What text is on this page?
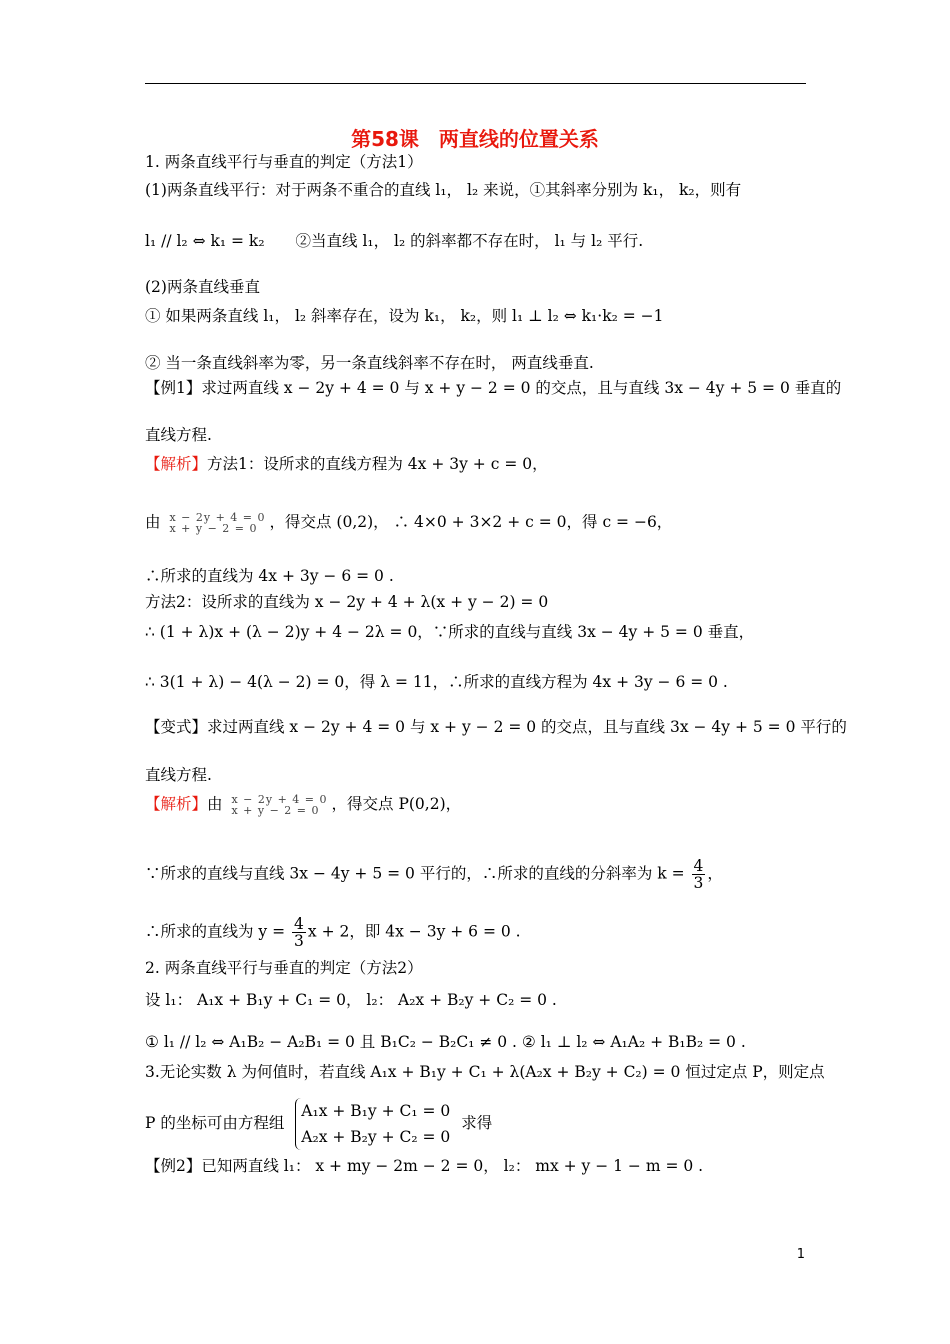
第58课　两直线的位置关系
1. 两条直线平行与垂直的判定（方法1）
(1)两条直线平行：对于两条不重合的直线 l₁， l₂ 来说，①其斜率分别为 k₁， k₂，则有
l₁ // l₂ ⇔ k₁ = k₂　　②当直线 l₁， l₂ 的斜率都不存在时， l₁ 与 l₂ 平行.
(2)两条直线垂直
① 如果两条直线 l₁， l₂ 斜率存在，设为 k₁， k₂，则 l₁ ⊥ l₂ ⇔ k₁·k₂ = −1
② 当一条直线斜率为零，另一条直线斜率不存在时， 两直线垂直.
【例1】求过两直线 x − 2y + 4 = 0 与 x + y − 2 = 0 的交点，且与直线 3x − 4y + 5 = 0 垂直的
直线方程.
【解析】方法1：设所求的直线方程为 4x + 3y + c = 0，
由 x − 2y + 4 = 0
x + y − 2 = 0 ，得交点 (0,2)， ∴ 4×0 + 3×2 + c = 0，得 c = −6，
∴所求的直线为 4x + 3y − 6 = 0 .
方法2：设所求的直线为 x − 2y + 4 + λ(x + y − 2) = 0
∴ (1 + λ)x + (λ − 2)y + 4 − 2λ = 0，∵所求的直线与直线 3x − 4y + 5 = 0 垂直，
∴ 3(1 + λ) − 4(λ − 2) = 0，得 λ = 11，∴所求的直线方程为 4x + 3y − 6 = 0 .
【变式】求过两直线 x − 2y + 4 = 0 与 x + y − 2 = 0 的交点，且与直线 3x − 4y + 5 = 0 平行的
直线方程.
【解析】由 x − 2y + 4 = 0
x + y − 2 = 0 ，得交点 P(0,2)，
∵所求的直线与直线 3x − 4y + 5 = 0 平行的，∴所求的直线的分斜率为 $k = \frac{4}{3}$ ，
∴所求的直线为 $y = \frac{4}{3}$ x + 2，即 4x − 3y + 6 = 0 .
2. 两条直线平行与垂直的判定（方法2）
设 l₁： A₁x + B₁y + C₁ = 0， l₂： A₂x + B₂y + C₂ = 0 .
① l₁ // l₂ ⇔ A₁B₂ − A₂B₁ = 0 且 B₁C₂ − B₂C₁ ≠ 0 . ② l₁ ⊥ l₂ ⇔ A₁A₂ + B₁B₂ = 0 .
3.无论实数 λ 为何值时，若直线 A₁x + B₁y + C₁ + λ(A₂x + B₂y + C₂) = 0 恒过定点 P，则定点
P 的坐标可由方程组
A₁x + B₁y + C₁ = 0
A₂x + B₂y + C₂ = 0
求得
【例2】已知两直线 l₁： x + my − 2m − 2 = 0， l₂： mx + y − 1 − m = 0 .
1
